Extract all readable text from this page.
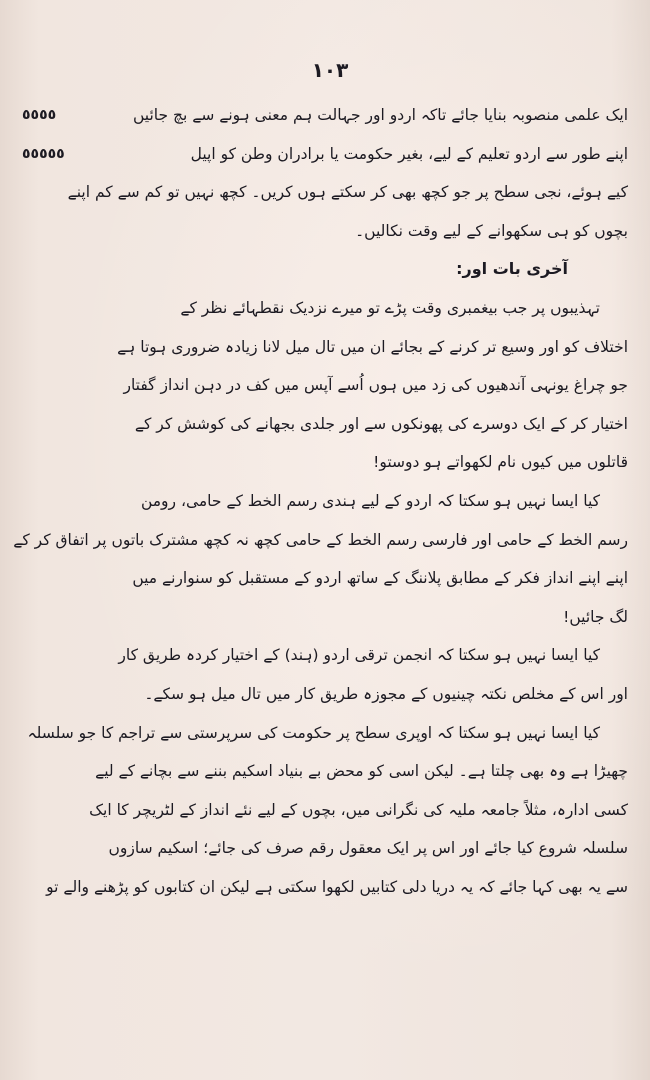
١٠٣
ایک علمی منصوبہ بنایا جائے تاکہ اردو اور جہالت ہم معنی ہونے سے بچ جائیں
٥٥٥٥
اپنے طور سے اردو تعلیم کے لیے، بغیر حکومت یا برادران وطن کو اپیل
٥٥٥٥٥
کیے ہوئے، نجی سطح پر جو کچھ بھی کر سکتے ہوں کریں۔ کچھ نہیں تو کم سے کم اپنے
بچوں کو ہی سکھوانے کے لیے وقت نکالیں۔
آخری بات اور:
تہذیبوں پر جب بیغمبری وقت پڑے تو میرے نزدیک نقطہائے نظر کے
اختلاف کو اور وسیع تر کرنے کے بجائے ان میں تال میل لانا زیادہ ضروری ہوتا ہے
جو چراغ یونہی آندھیوں کی زد میں ہوں اُسے آپس میں کف در دہن انداز گفتار
اختیار کر کے ایک دوسرے کی پھونکوں سے اور جلدی بجھانے کی کوشش کر کے
قاتلوں میں کیوں نام لکھواتے ہو دوستو!
کیا ایسا نہیں ہو سکتا کہ اردو کے لیے ہندی رسم الخط کے حامی، رومن
رسم الخط کے حامی اور فارسی رسم الخط کے حامی کچھ نہ کچھ مشترک باتوں پر اتفاق کر کے
اپنے اپنے انداز فکر کے مطابق پلاننگ کے ساتھ اردو کے مستقبل کو سنوارنے میں
لگ جائیں!
کیا ایسا نہیں ہو سکتا کہ انجمن ترقی اردو (ہند) کے اختیار کردہ طریق کار
اور اس کے مخلص نکتہ چینیوں کے مجوزہ طریق کار میں تال میل ہو سکے۔
کیا ایسا نہیں ہو سکتا کہ اوپری سطح پر حکومت کی سرپرستی سے تراجم کا جو سلسلہ
چھیڑا ہے وہ بھی چلتا ہے۔ لیکن اسی کو محض بے بنیاد اسکیم بننے سے بچانے کے لیے
کسی ادارہ، مثلاً جامعہ ملیہ کی نگرانی میں، بچوں کے لیے نئے انداز کے لٹریچر کا ایک
سلسلہ شروع کیا جائے اور اس پر ایک معقول رقم صرف کی جائے؛ اسکیم سازوں
سے یہ بھی کہا جائے کہ یہ دریا دلی کتابیں لکھوا سکتی ہے لیکن ان کتابوں کو پڑھنے والے تو
